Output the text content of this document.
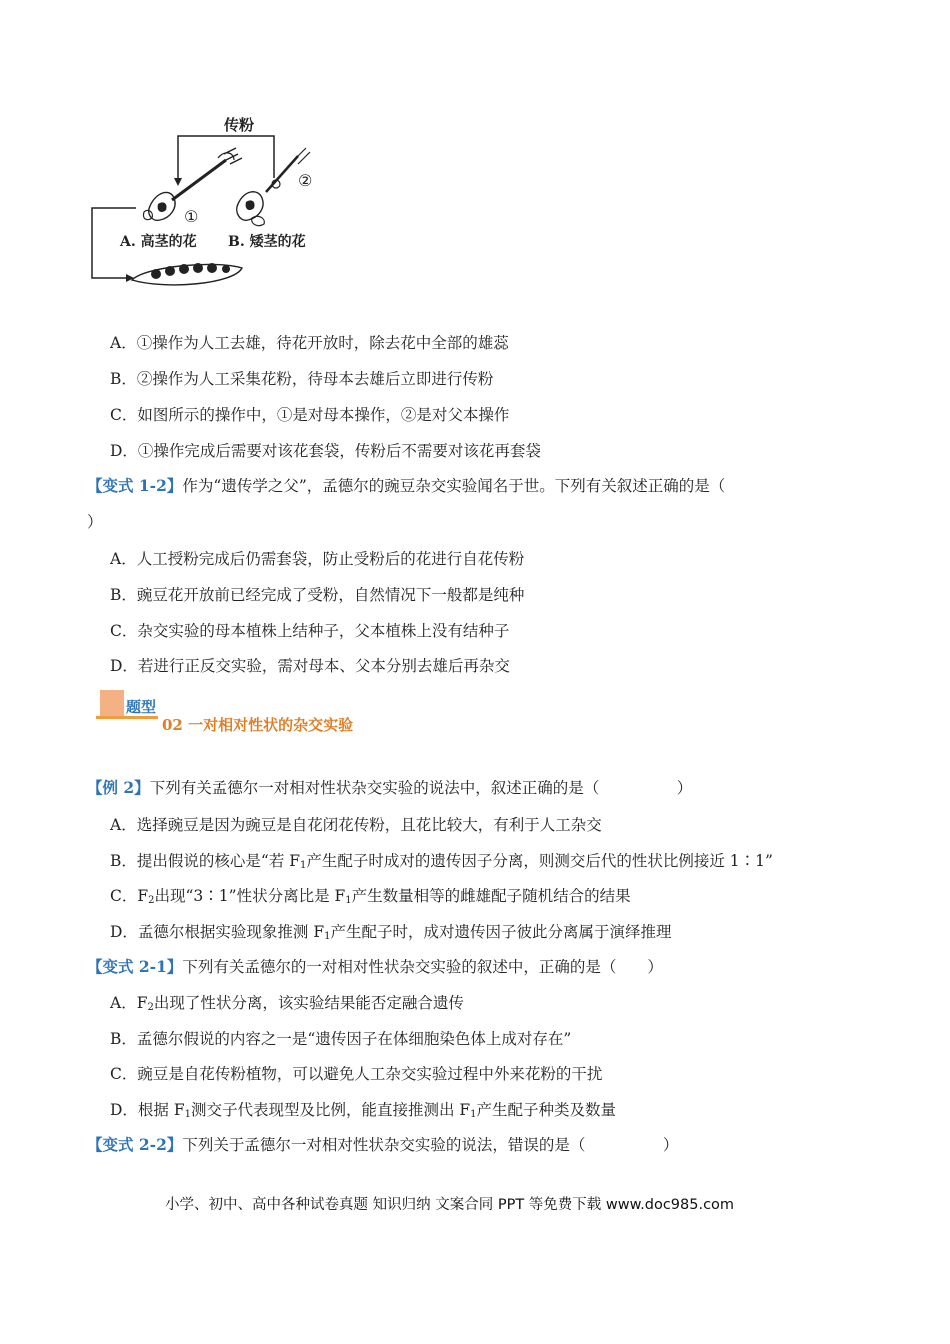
①
②
传粉
A. 高茎的花 B. 矮茎的花
A．①操作为人工去雄，待花开放时，除去花中全部的雄蕊
B．②操作为人工采集花粉，待母本去雄后立即进行传粉
C．如图所示的操作中，①是对母本操作，②是对父本操作
D．①操作完成后需要对该花套袋，传粉后不需要对该花再套袋
【变式 1-2】作为“遗传学之父”，孟德尔的豌豆杂交实验闻名于世。下列有关叙述正确的是（
）
A．人工授粉完成后仍需套袋，防止受粉后的花进行自花传粉
B．豌豆花开放前已经完成了受粉，自然情况下一般都是纯种
C．杂交实验的母本植株上结种子，父本植株上没有结种子
D．若进行正反交实验，需对母本、父本分别去雄后再杂交
题型
02 一对相对性状的杂交实验
【例 2】下列有关孟德尔一对相对性状杂交实验的说法中，叙述正确的是（　　　　　）
A．选择豌豆是因为豌豆是自花闭花传粉，且花比较大，有利于人工杂交
B．提出假说的核心是“若 $F_1$产生配子时成对的遗传因子分离，则测交后代的性状比例接近 1∶1”
C．$F_2$出现“3∶1”性状分离比是 $F_1$产生数量相等的雌雄配子随机结合的结果
D．孟德尔根据实验现象推测 $F_1$产生配子时，成对遗传因子彼此分离属于演绎推理
【变式 2-1】下列有关孟德尔的一对相对性状杂交实验的叙述中，正确的是（　　）
A．$F_2$出现了性状分离，该实验结果能否定融合遗传
B．孟德尔假说的内容之一是“遗传因子在体细胞染色体上成对存在”
C．豌豆是自花传粉植物，可以避免人工杂交实验过程中外来花粉的干扰
D．根据 $F_1$测交子代表现型及比例，能直接推测出 $F_1$产生配子种类及数量
【变式 2-2】下列关于孟德尔一对相对性状杂交实验的说法，错误的是（　　　　　）
小学、初中、高中各种试卷真题 知识归纳 文案合同 PPT 等免费下载 www.doc985.com
